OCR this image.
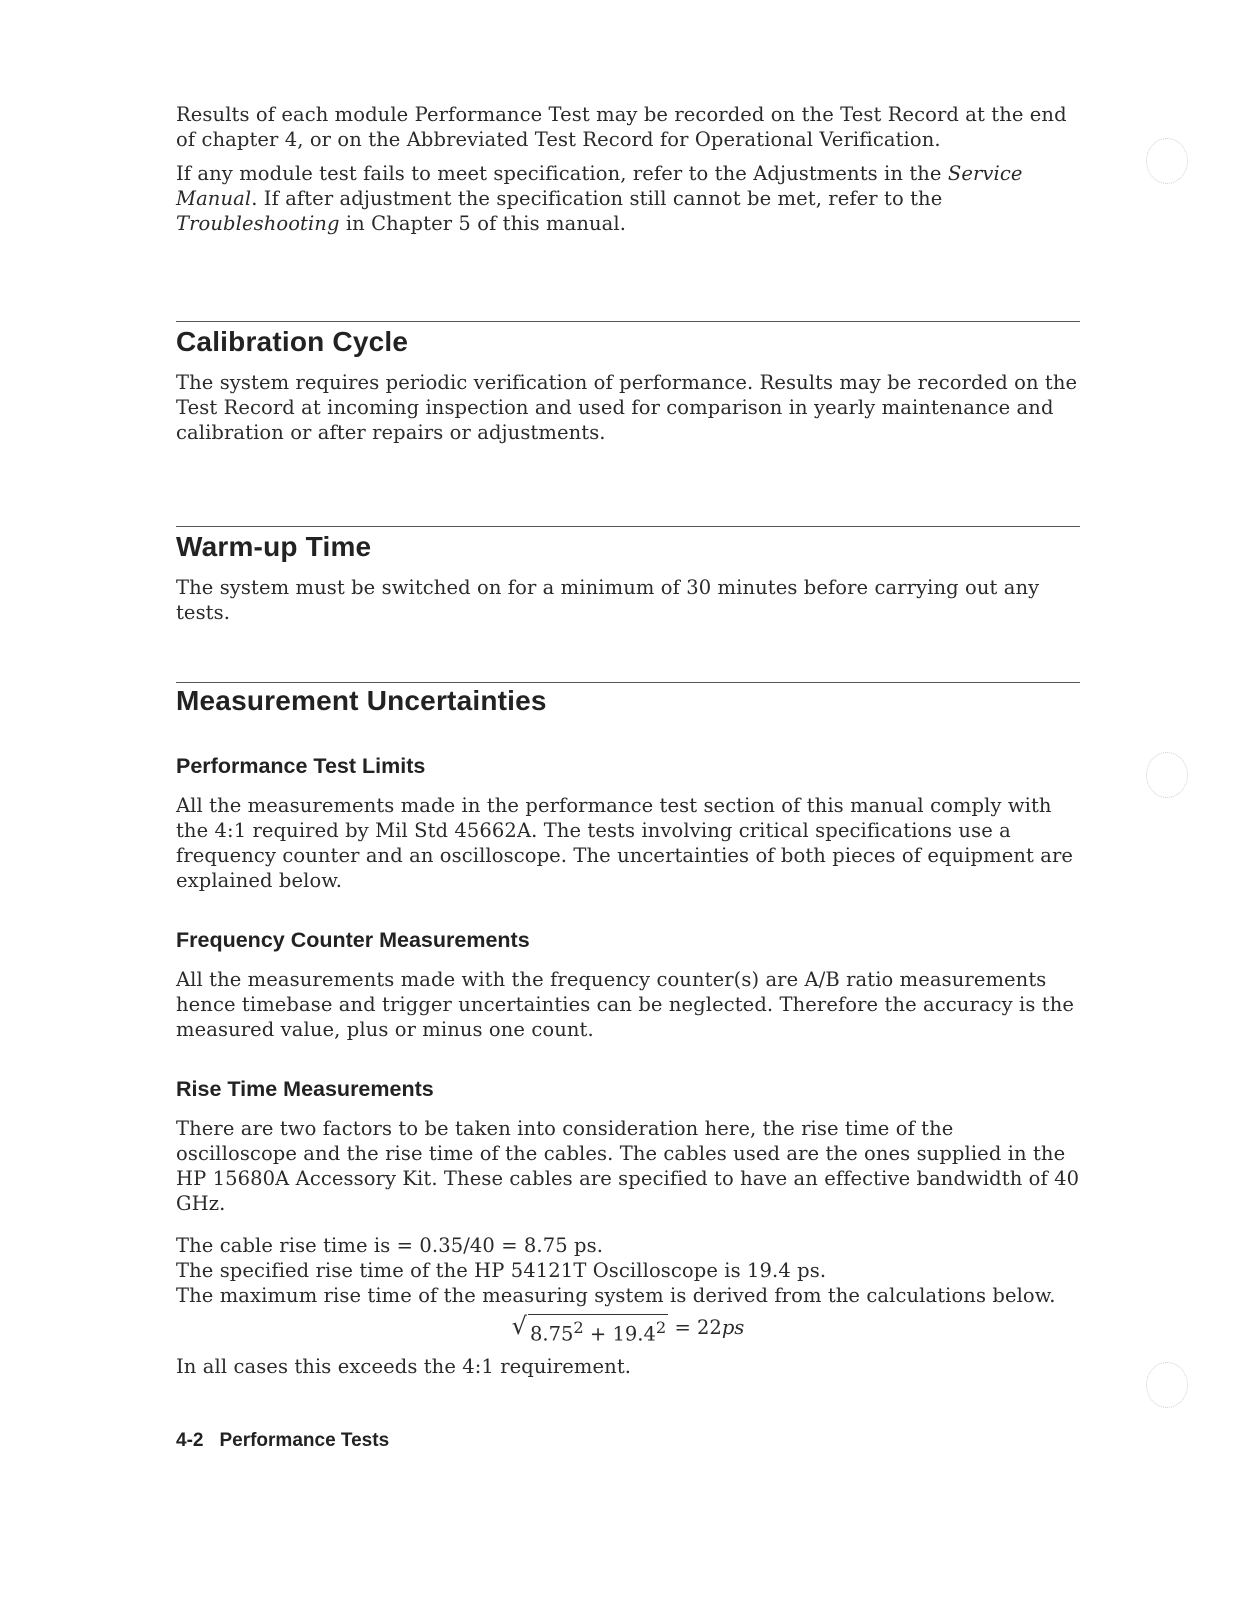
Results of each module Performance Test may be recorded on the Test Record at the end of chapter 4, or on the Abbreviated Test Record for Operational Verification.

If any module test fails to meet specification, refer to the Adjustments in the Service Manual. If after adjustment the specification still cannot be met, refer to the Troubleshooting in Chapter 5 of this manual.

Calibration Cycle

The system requires periodic verification of performance. Results may be recorded on the Test Record at incoming inspection and used for comparison in yearly maintenance and calibration or after repairs or adjustments.

Warm-up Time

The system must be switched on for a minimum of 30 minutes before carrying out any tests.

Measurement Uncertainties
Performance Test Limits

All the measurements made in the performance test section of this manual comply with the 4:1 required by Mil Std 45662A. The tests involving critical specifications use a frequency counter and an oscilloscope. The uncertainties of both pieces of equipment are explained below.

Frequency Counter Measurements

All the measurements made with the frequency counter(s) are A/B ratio measurements hence timebase and trigger uncertainties can be neglected. Therefore the accuracy is the measured value, plus or minus one count.

Rise Time Measurements

There are two factors to be taken into consideration here, the rise time of the oscilloscope and the rise time of the cables. The cables used are the ones supplied in the HP 15680A Accessory Kit. These cables are specified to have an effective bandwidth of 40 GHz.

The cable rise time is = 0.35/40 = 8.75 ps.

The specified rise time of the HP 54121T Oscilloscope is 19.4 ps.

The maximum rise time of the measuring system is derived from the calculations below.

√ $8.75^2 + 19.4^2 = 22ps$

In all cases this exceeds the 4:1 requirement.

4-2 Performance Tests
